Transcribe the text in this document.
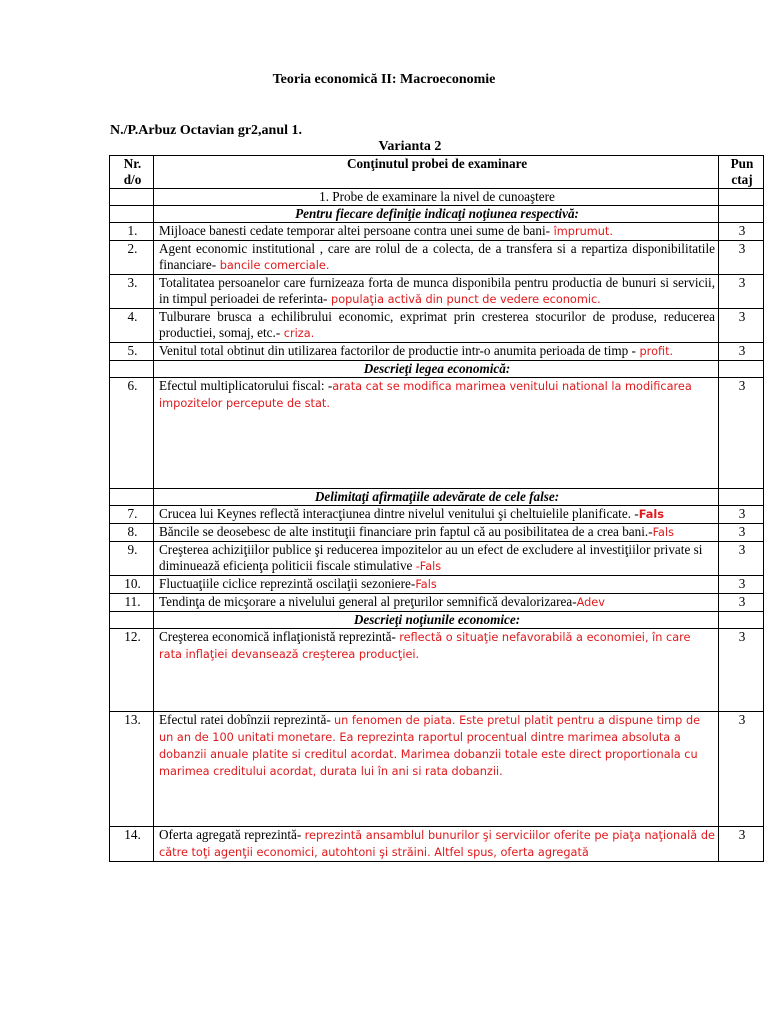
Teoria economică II: Macroeconomie
N./P.Arbuz Octavian gr2,anul 1.
Varianta 2
Nr. d/o	Conţinutul probei de examinare	Pun ctaj
	1. Probe de examinare la nivel de cunoaştere	
	Pentru fiecare definiţie indicaţi noţiunea respectivă:	
1.	Mijloace banesti cedate temporar altei persoane contra unei sume de bani- împrumut.	3
2.	Agent economic institutional , care are rolul de a colecta, de a transfera si a repartiza disponibilitatile financiare- bancile comerciale.	3
3.	Totalitatea persoanelor care furnizeaza forta de munca disponibila pentru productia de bunuri si servicii, in timpul perioadei de referinta- populaţia activă din punct de vedere economic.	3
4.	Tulburare brusca a echilibrului economic, exprimat prin cresterea stocurilor de produse, reducerea productiei, somaj, etc.- criza.	3
5.	Venitul total obtinut din utilizarea factorilor de productie intr-o anumita perioada de timp - profit.	3
	Descrieţi legea economică:	
6.	Efectul multiplicatorului fiscal: -arata cat se modifica marimea venitului national la modificarea impozitelor percepute de stat.	3
	Delimitaţi afirmaţiile adevărate de cele false:	
7.	Crucea lui Keynes reflectă interacţiunea dintre nivelul venitului şi cheltuielile planificate. -Fals	3
8.	Băncile se deosebesc de alte instituţii financiare prin faptul că au posibilitatea de a crea bani.-Fals	3
9.	Creşterea achiziţiilor publice şi reducerea impozitelor au un efect de excludere al investiţiilor private si diminuează eficienţa politicii fiscale stimulative -Fals	3
10.	Fluctuaţiile ciclice reprezintă oscilaţii sezoniere-Fals	3
11.	Tendinţa de micşorare a nivelului general al preţurilor semnifică devalorizarea-Adev	3
	Descrieţi noţiunile economice:	
12.	Creşterea economică inflaţionistă reprezintă- reflectă o situaţie nefavorabilă a economiei, în care rata inflaţiei devansează creşterea producţiei.	3
13.	Efectul ratei dobînzii reprezintă- un fenomen de piata. Este pretul platit pentru a dispune timp de un an de 100 unitati monetare. Ea reprezinta raportul procentual dintre marimea absoluta a dobanzii anuale platite si creditul acordat. Marimea dobanzii totale este direct proportionala cu marimea creditului acordat, durata lui în ani si rata dobanzii.	3
14.	Oferta agregată reprezintă- reprezintă ansamblul bunurilor şi serviciilor oferite pe piaţa naţională de către toţi agenţii economici, autohtoni şi străini. Altfel spus, oferta agregată	3
